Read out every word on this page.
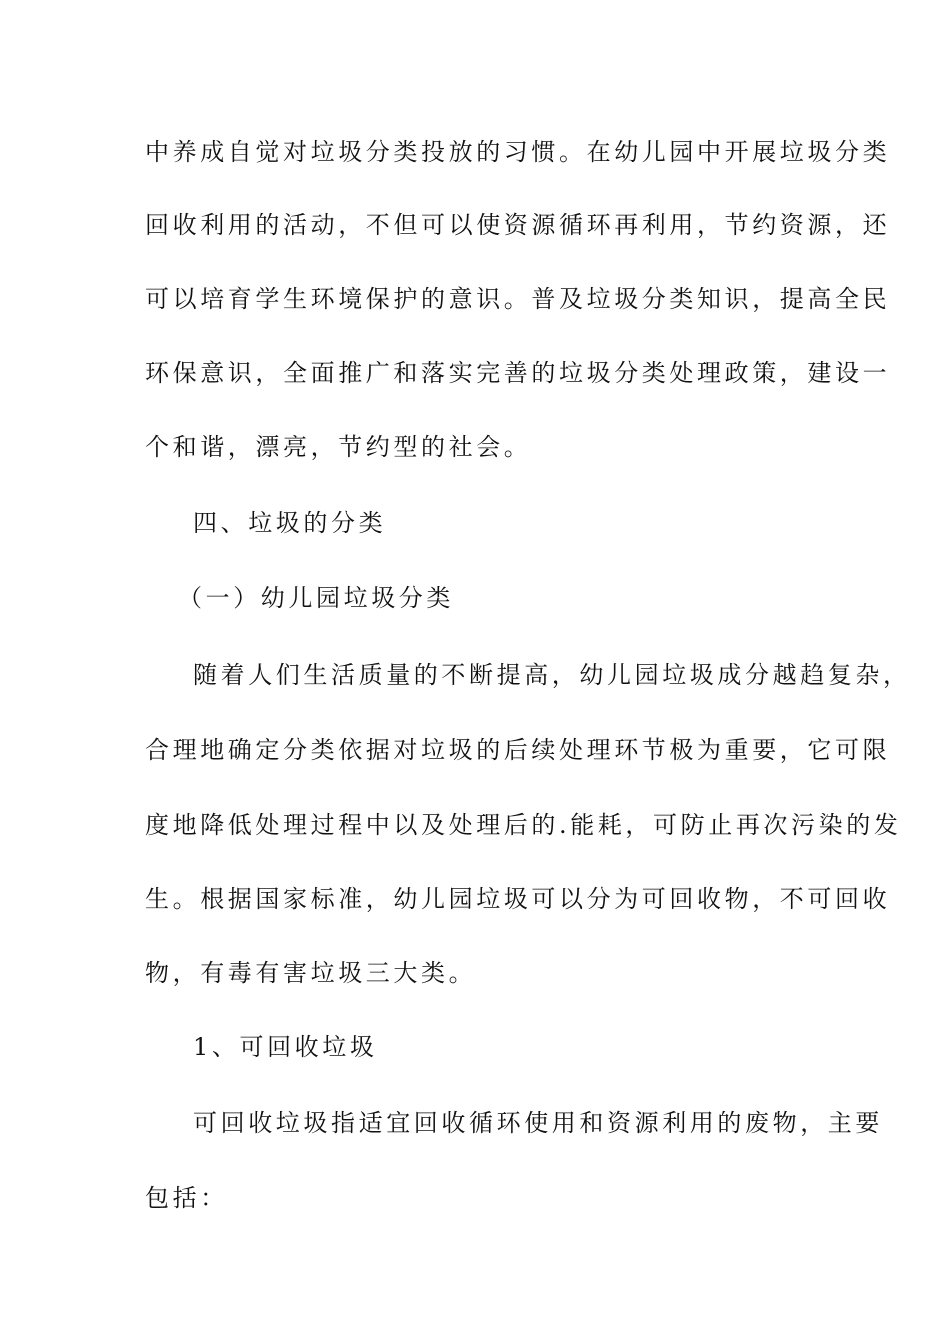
中养成自觉对垃圾分类投放的习惯。在幼儿园中开展垃圾分类
回收利用的活动，不但可以使资源循环再利用，节约资源，还
可以培育学生环境保护的意识。普及垃圾分类知识，提高全民
环保意识，全面推广和落实完善的垃圾分类处理政策，建设一
个和谐，漂亮，节约型的社会。
四、垃圾的分类
（一）幼儿园垃圾分类
随着人们生活质量的不断提高，幼儿园垃圾成分越趋复杂，
合理地确定分类依据对垃圾的后续处理环节极为重要，它可限
度地降低处理过程中以及处理后的.能耗，可防止再次污染的发
生。根据国家标准，幼儿园垃圾可以分为可回收物，不可回收
物，有毒有害垃圾三大类。
1、可回收垃圾
可回收垃圾指适宜回收循环使用和资源利用的废物，主要
包括：
